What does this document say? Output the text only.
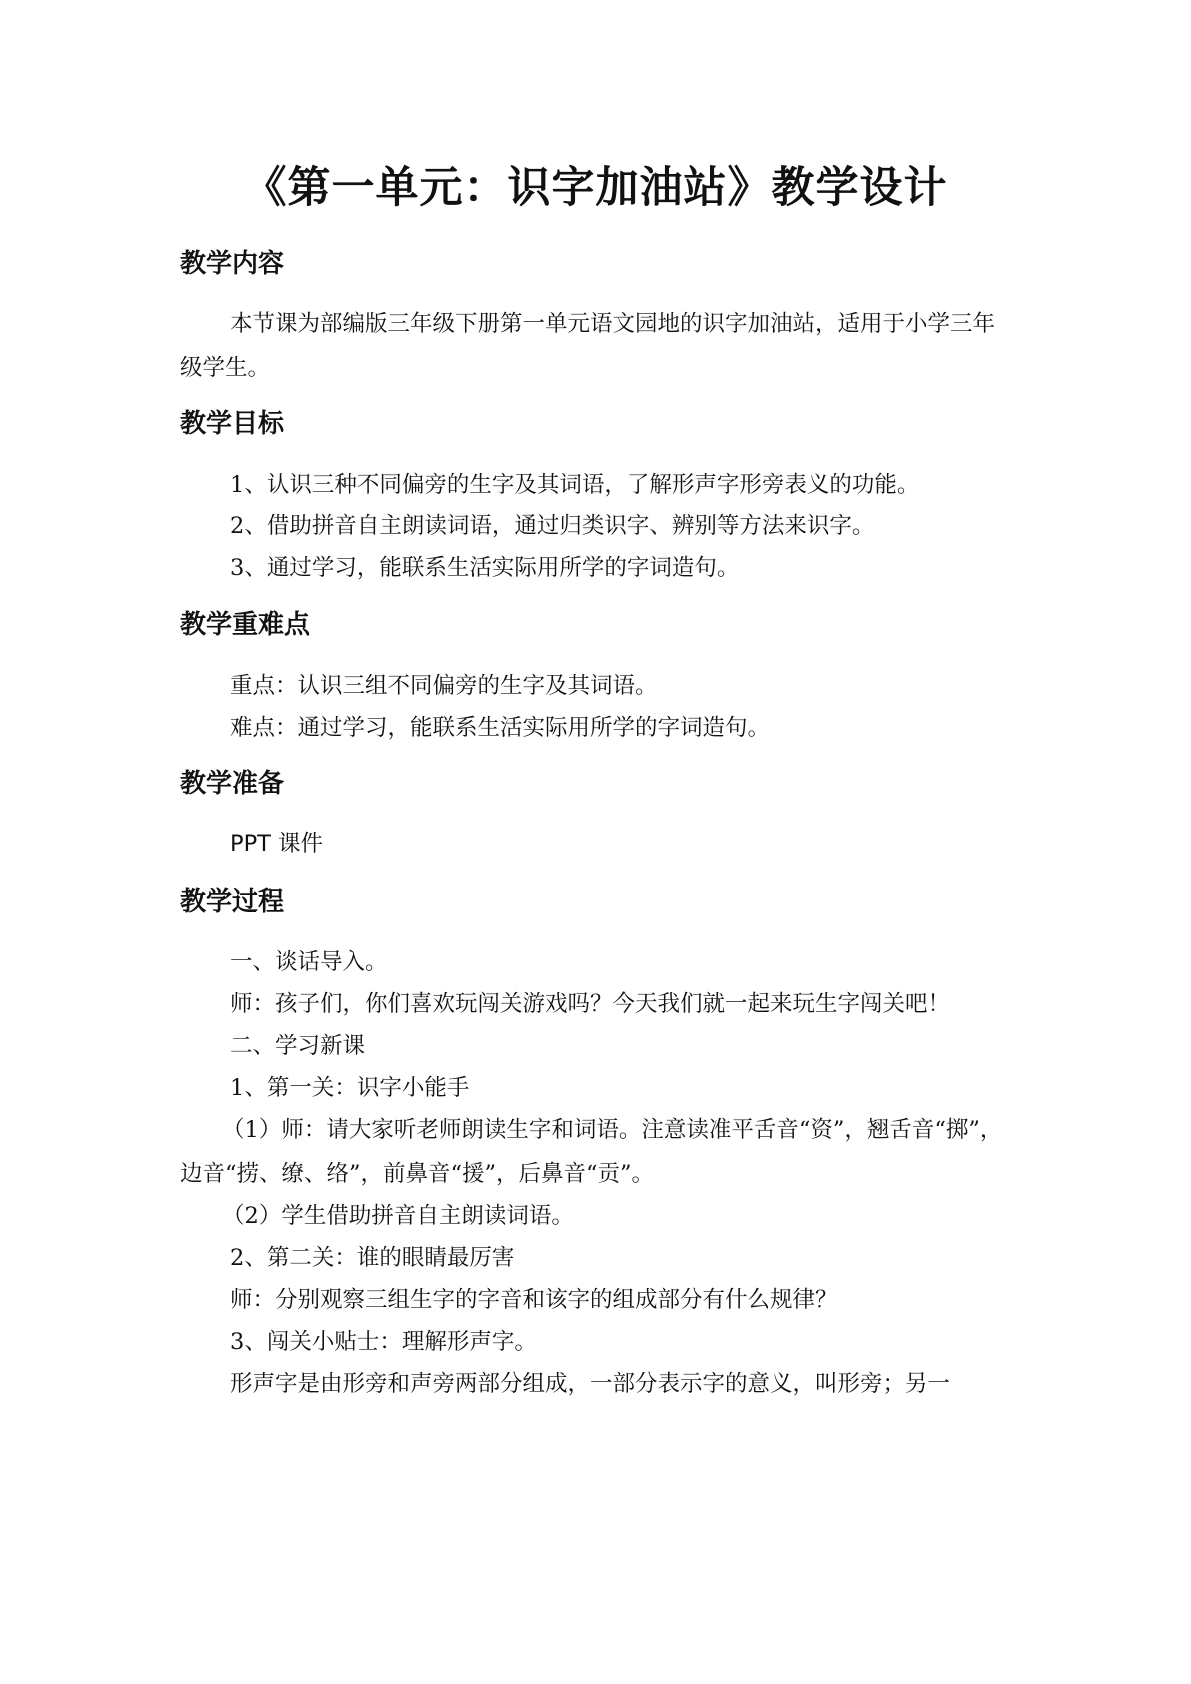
《第一单元：识字加油站》教学设计
教学内容

本节课为部编版三年级下册第一单元语文园地的识字加油站，适用于小学三年级学生。

教学目标

1、认识三种不同偏旁的生字及其词语，了解形声字形旁表义的功能。

2、借助拼音自主朗读词语，通过归类识字、辨别等方法来识字。

3、通过学习，能联系生活实际用所学的字词造句。

教学重难点

重点：认识三组不同偏旁的生字及其词语。

难点：通过学习，能联系生活实际用所学的字词造句。

教学准备

PPT 课件

教学过程

一、谈话导入。

师：孩子们，你们喜欢玩闯关游戏吗？今天我们就一起来玩生字闯关吧！

二、学习新课

1、第一关：识字小能手

（1）师：请大家听老师朗读生字和词语。注意读准平舌音“资”，翘舌音“掷”，边音“捞、缭、络”，前鼻音“援”，后鼻音“贡”。

（2）学生借助拼音自主朗读词语。

2、第二关：谁的眼睛最厉害

师：分别观察三组生字的字音和该字的组成部分有什么规律？

3、闯关小贴士：理解形声字。

形声字是由形旁和声旁两部分组成，一部分表示字的意义，叫形旁；另一
